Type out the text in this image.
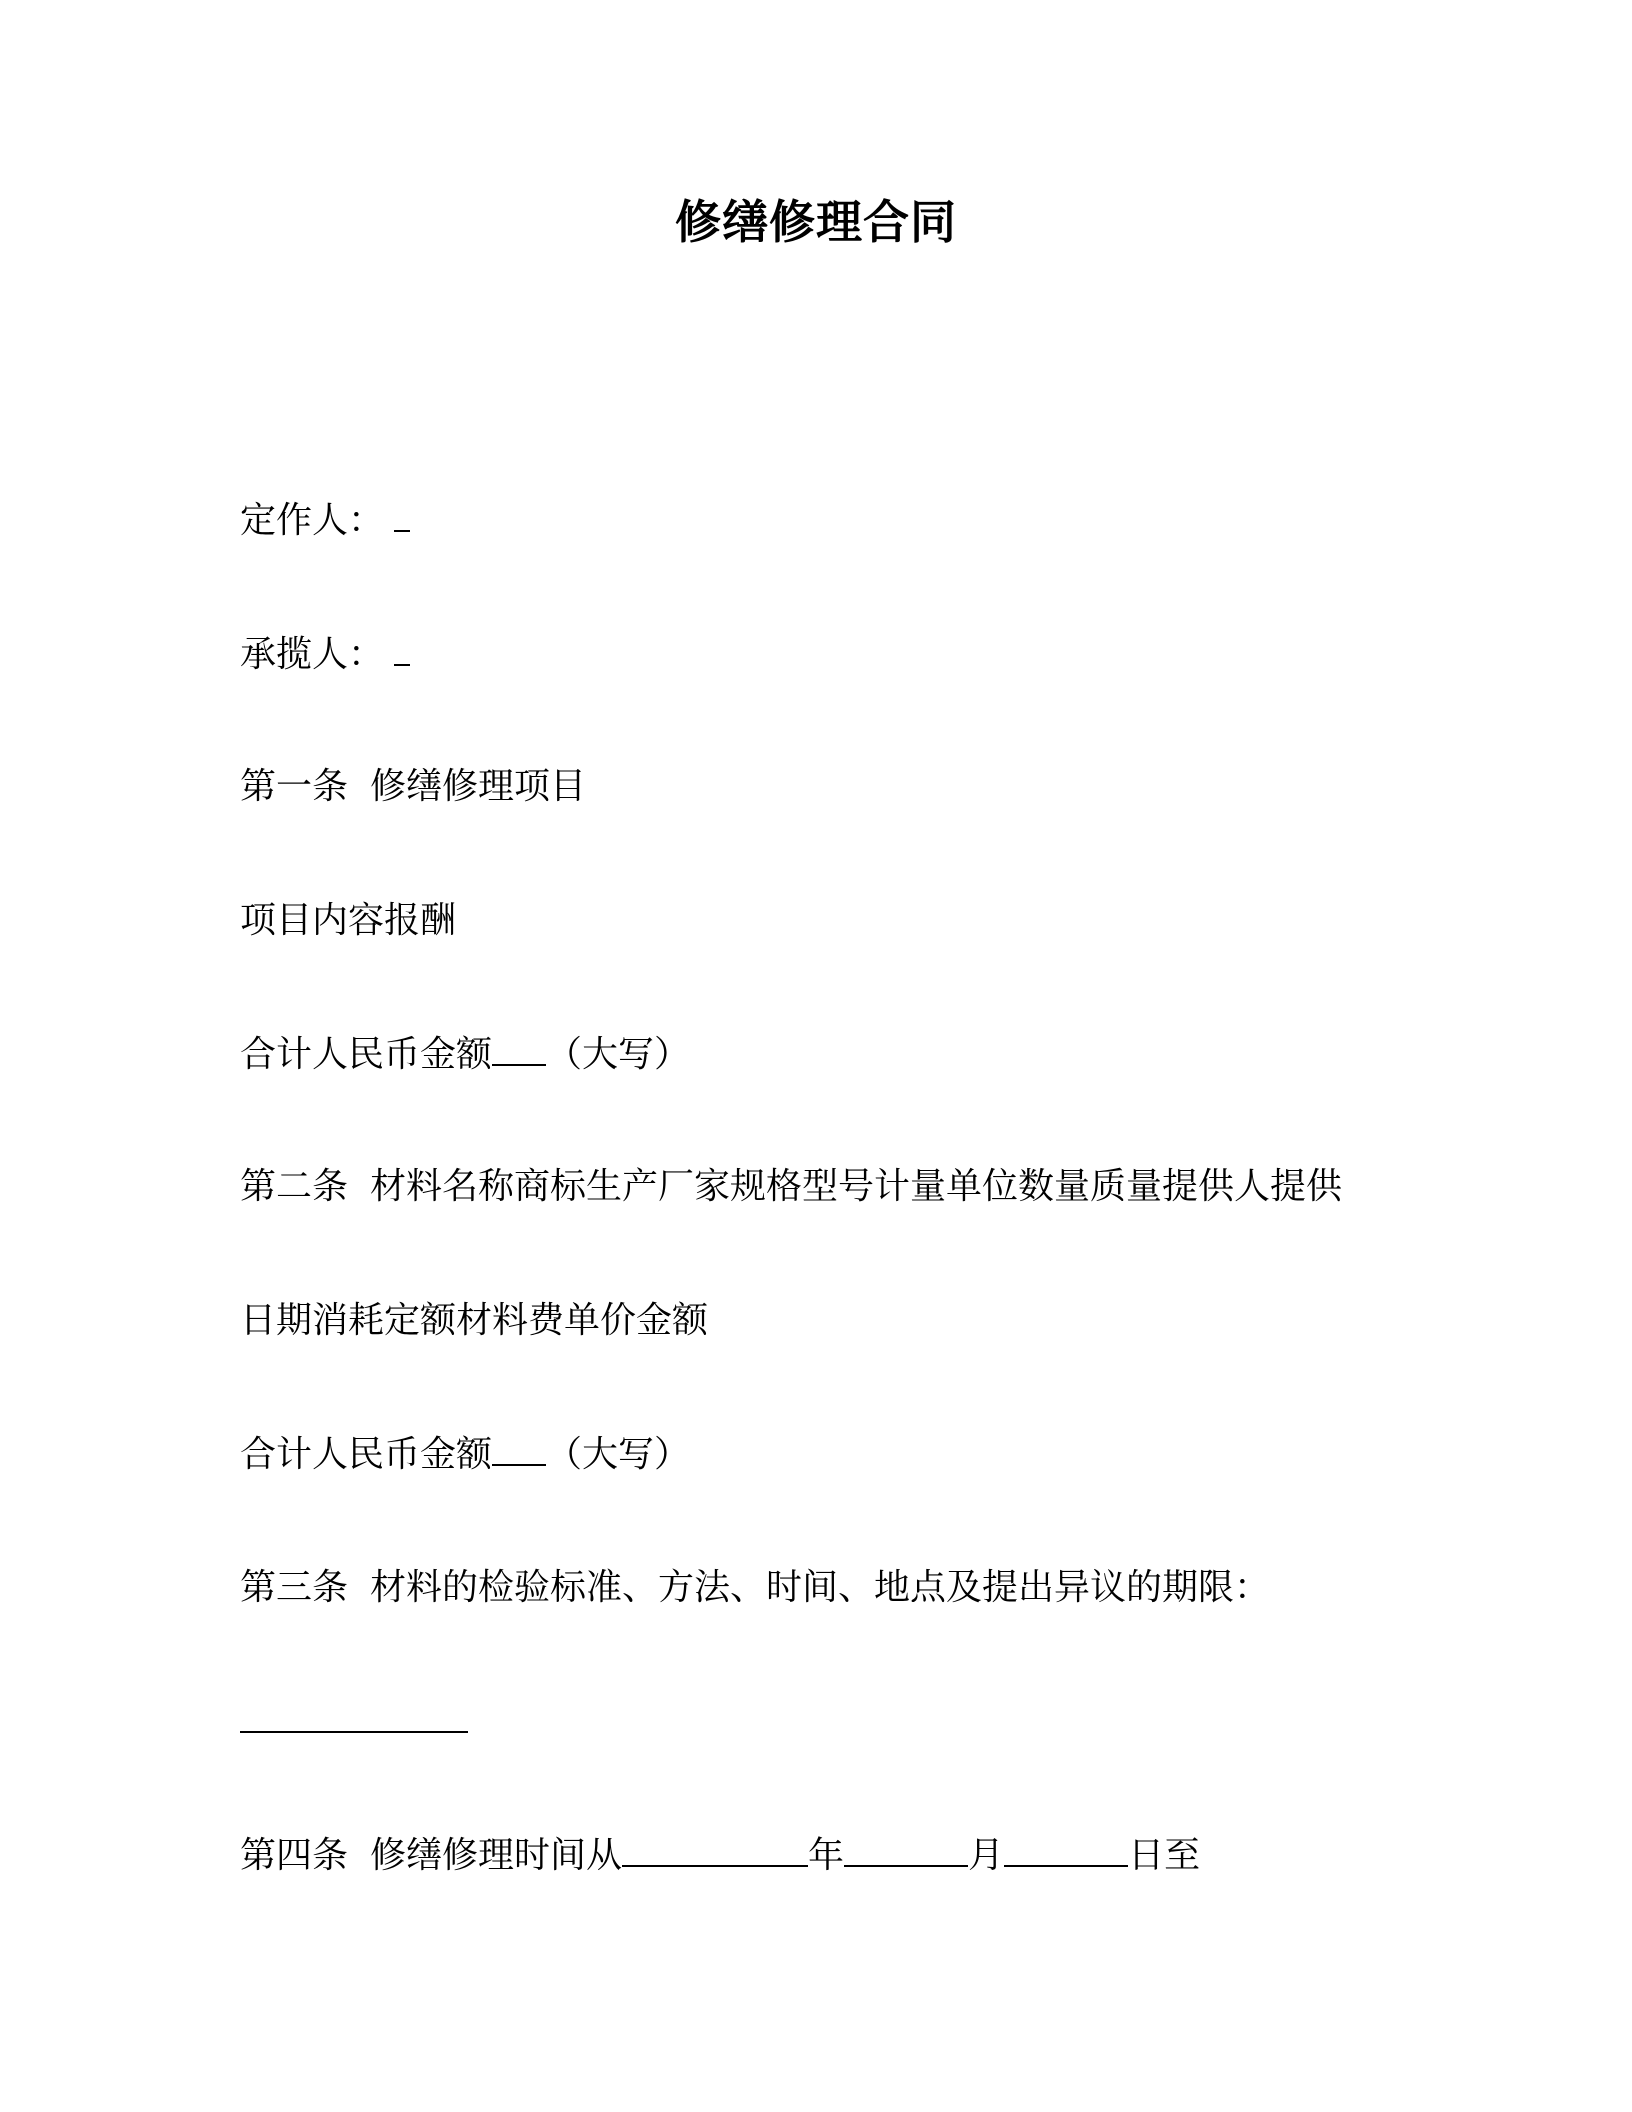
修缮修理合同
定作人：
承揽人：
第一条 修缮修理项目
项目内容报酬
合计人民币金额 （大写）
第二条 材料名称商标生产厂家规格型号计量单位数量质量提供人提供
日期消耗定额材料费单价金额
合计人民币金额 （大写）
第三条 材料的检验标准、方法、时间、地点及提出异议的期限：
第四条 修缮修理时间从	年	月	日至
